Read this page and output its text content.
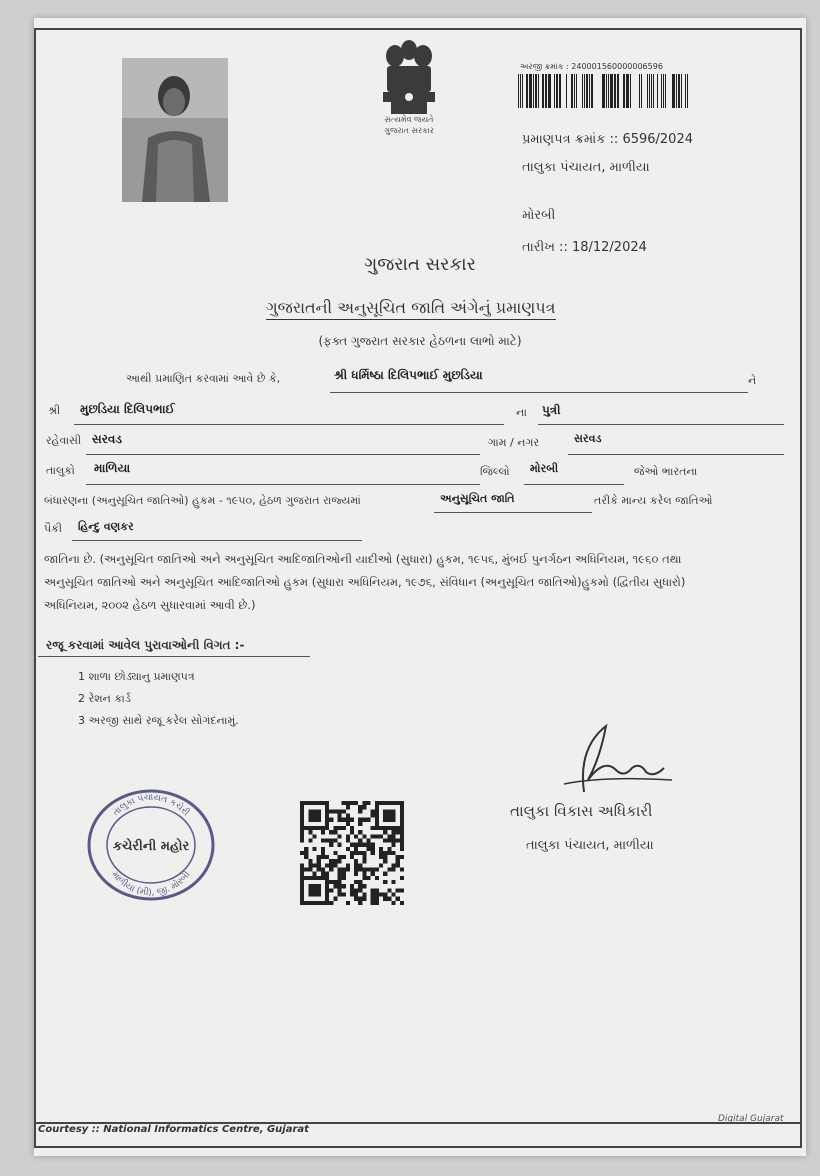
સત્યમેવ જયતે
ગુજરાત સરકાર
અરજી ક્રમાંક : 240001560000006596
પ્રમાણપત્ર ક્રમાંક :: 6596/2024
તાલુકા પંચાયત, માળીયા
મોરબી
તારીખ :: 18/12/2024
ગુજરાત સરકાર
ગુજરાતની અનુસૂચિત જાતિ અંગેનું પ્રમાણપત્ર
(ફક્ત ગુજરાત સરકાર હેઠળના લાભો માટે)
આથી પ્રમાણિત કરવામાં આવે છે કે,	શ્રી ધર્મિષ્ઠા દિલિપભાઈ મુછડિયા	ને
શ્રી મુછડિયા દિલિપભાઈ	ના પુત્રી
રહેવાસી સરવડ	ગામ / નગર	સરવડ
તાલુકો માળિયા	જિલ્લો મોરબી	જેઓ ભારતના
બંધારણના (અનુસૂચિત જાતિઓ) હુકમ - ૧૯૫૦, હેઠળ ગુજરાત રાજ્યમાં	અનુસૂચિત જાતિ	તરીકે માન્ય કરેલ જાતિઓ
પૈકી હિન્દુ વણકર
જાતિના છે. (અનુસૂચિત જાતિઓ અને અનુસૂચિત આદિજાતિઓની યાદીઓ (સુધારા) હુકમ, ૧૯૫૬, મુંબઈ પુનર્ગઠન અધિનિયમ, ૧૯૬૦ તથા
અનુસૂચિત જાતિઓ અને અનુસૂચિત આદિજાતિઓ હુકમ (સુધારા અધિનિયમ, ૧૯૭૬, સંવિધાન (અનુસૂચિત જાતિઓ)હુકમો (દ્વિતીય સુધારો)
અધિનિયમ, ૨૦૦૨ હેઠળ સુધારવામાં આવી છે.)
રજૂ કરવામાં આવેલ પુરાવાઓની વિગત :-
1 શાળા છોડ્યાનુ પ્રમાણપત્ર
2 રેશન કાર્ડ
3 અરજી સાથે રજૂ કરેલ સોગંદનામું.
તાલુકા વિકાસ અધિકારી
તાલુકા પંચાયત, માળીયા
તાલુકા પંચાયત કચેરી
માળીયા (મી), જી. મોરબી
કચેરીની મહોર
Courtesy :: National Informatics Centre, Gujarat
Digital Gujarat
